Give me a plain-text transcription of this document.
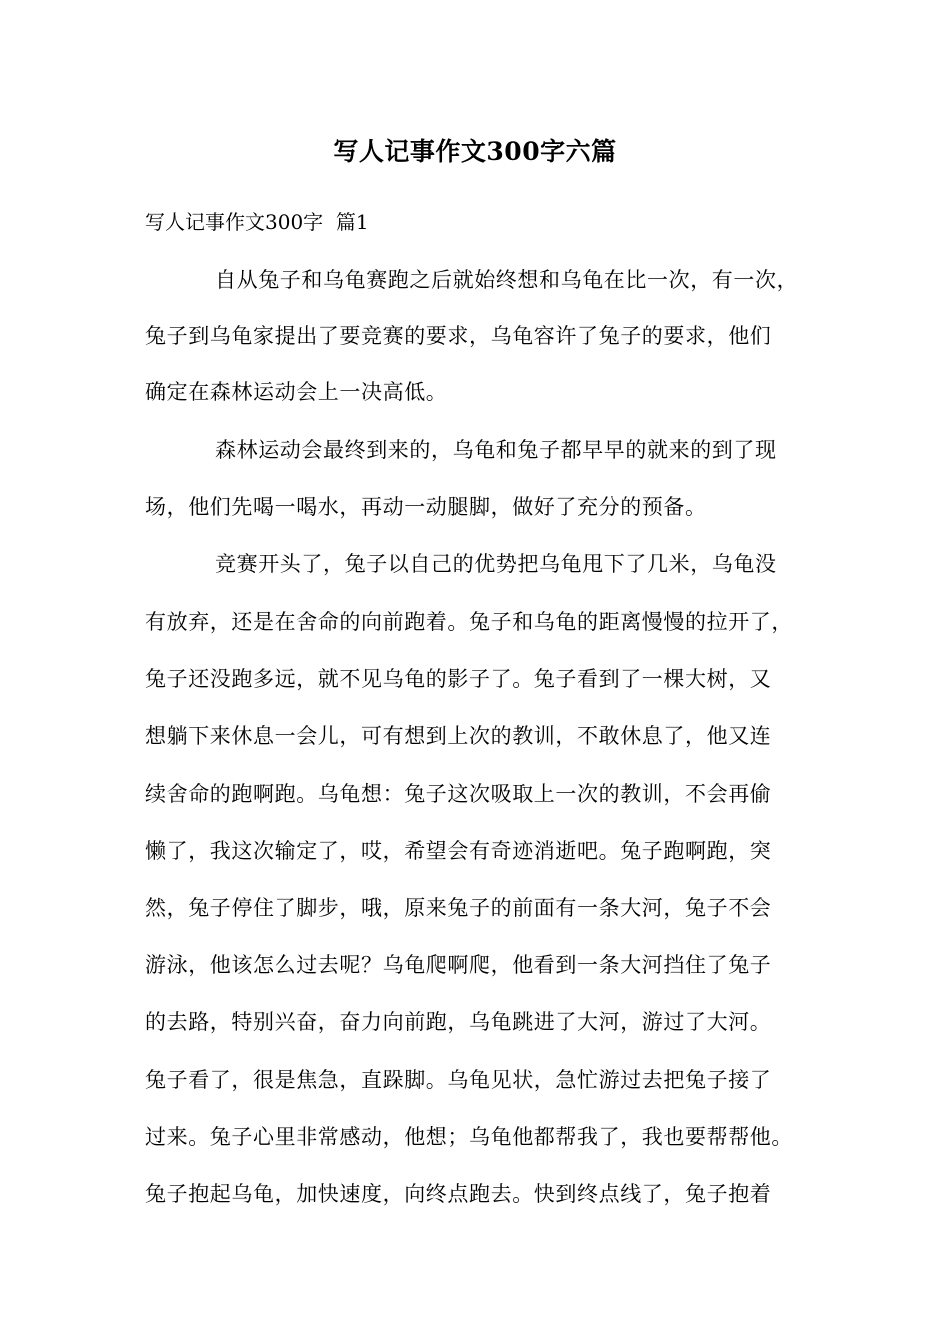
写人记事作文300字六篇
写人记事作文300字  篇1
自从兔子和乌龟赛跑之后就始终想和乌龟在比一次，有一次，
兔子到乌龟家提出了要竞赛的要求，乌龟容许了兔子的要求，他们
确定在森林运动会上一决高低。
森林运动会最终到来的，乌龟和兔子都早早的就来的到了现
场，他们先喝一喝水，再动一动腿脚，做好了充分的预备。
竞赛开头了，兔子以自己的优势把乌龟甩下了几米，乌龟没
有放弃，还是在舍命的向前跑着。兔子和乌龟的距离慢慢的拉开了，
兔子还没跑多远，就不见乌龟的影子了。兔子看到了一棵大树，又
想躺下来休息一会儿，可有想到上次的教训，不敢休息了，他又连
续舍命的跑啊跑。乌龟想：兔子这次吸取上一次的教训，不会再偷
懒了，我这次输定了，哎，希望会有奇迹消逝吧。兔子跑啊跑，突
然，兔子停住了脚步，哦，原来兔子的前面有一条大河，兔子不会
游泳，他该怎么过去呢？乌龟爬啊爬，他看到一条大河挡住了兔子
的去路，特别兴奋，奋力向前跑，乌龟跳进了大河，游过了大河。
兔子看了，很是焦急，直跺脚。乌龟见状，急忙游过去把兔子接了
过来。兔子心里非常感动，他想；乌龟他都帮我了，我也要帮帮他。
兔子抱起乌龟，加快速度，向终点跑去。快到终点线了，兔子抱着
